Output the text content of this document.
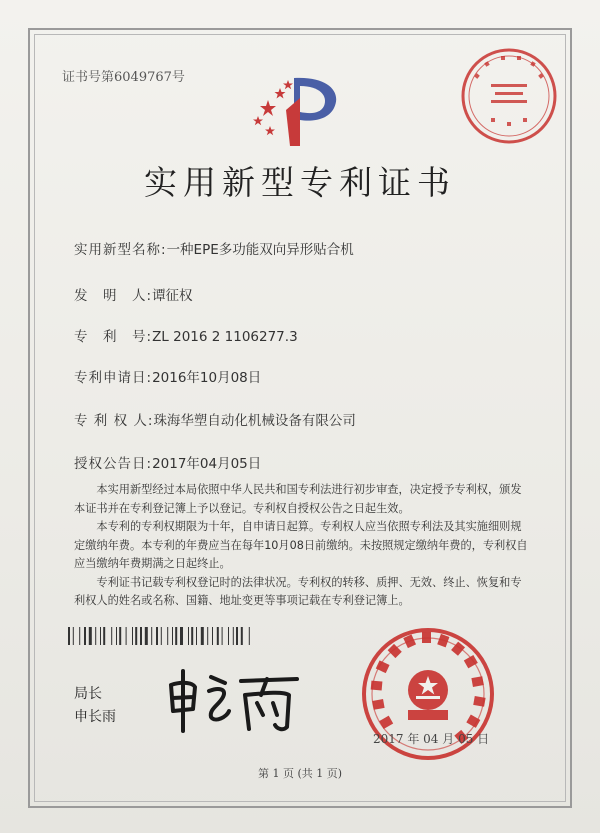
证书号第6049767号
实用新型专利证书
实用新型名称:一种EPE多功能双向异形贴合机
发　明　人:谭征权
专　利　号:ZL 2016 2 1106277.3
专利申请日:2016年10月08日
专 利 权 人:珠海华塑自动化机械设备有限公司
授权公告日:2017年04月05日

本实用新型经过本局依照中华人民共和国专利法进行初步审查，决定授予专利权，颁发本证书并在专利登记簿上予以登记。专利权自授权公告之日起生效。

本专利的专利权期限为十年，自申请日起算。专利权人应当依照专利法及其实施细则规定缴纳年费。本专利的年费应当在每年10月08日前缴纳。未按照规定缴纳年费的，专利权自应当缴纳年费期满之日起终止。

专利证书记载专利权登记时的法律状况。专利权的转移、质押、无效、终止、恢复和专利权人的姓名或名称、国籍、地址变更等事项记载在专利登记簿上。

局长
申长雨
2017 年 04 月 05 日
第 1 页 (共 1 页)
